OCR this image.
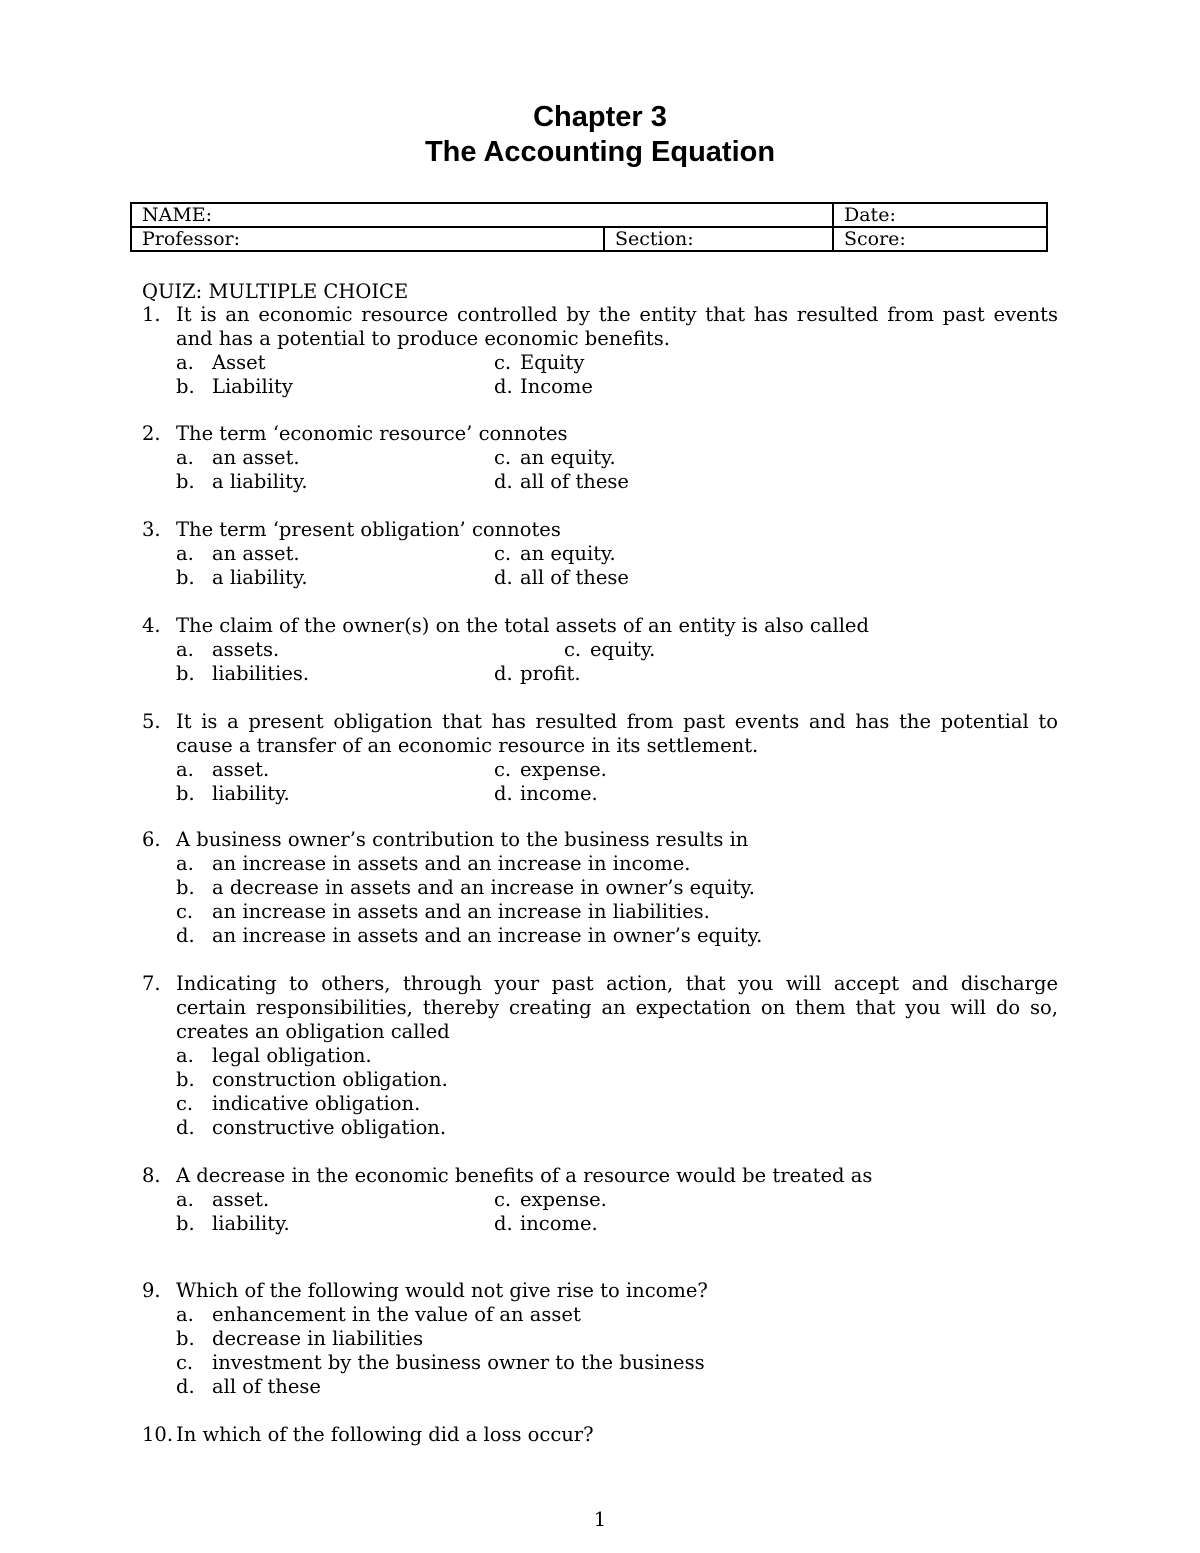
Chapter 3
The Accounting Equation
NAME:		Date:
Professor:	Section:	Score:
QUIZ: MULTIPLE CHOICE
1. It is an economic resource controlled by the entity that has resulted from past events and has a potential to produce economic benefits.
a. Asset	c. Equity
b. Liability	d. Income
2. The term ‘economic resource’ connotes
a. an asset.	c. an equity.
b. a liability.	d. all of these
3. The term ‘present obligation’ connotes
a. an asset.	c. an equity.
b. a liability.	d. all of these
4. The claim of the owner(s) on the total assets of an entity is also called
a. assets.	c. equity.
b. liabilities.	d. profit.
5. It is a present obligation that has resulted from past events and has the potential to cause a transfer of an economic resource in its settlement.
a. asset.	c. expense.
b. liability.	d. income.
6. A business owner’s contribution to the business results in
a. an increase in assets and an increase in income.
b. a decrease in assets and an increase in owner’s equity.
c. an increase in assets and an increase in liabilities.
d. an increase in assets and an increase in owner’s equity.
7. Indicating to others, through your past action, that you will accept and discharge certain responsibilities, thereby creating an expectation on them that you will do so, creates an obligation called
a. legal obligation.
b. construction obligation.
c. indicative obligation.
d. constructive obligation.
8. A decrease in the economic benefits of a resource would be treated as
a. asset.	c. expense.
b. liability.	d. income.
9. Which of the following would not give rise to income?
a. enhancement in the value of an asset
b. decrease in liabilities
c. investment by the business owner to the business
d. all of these
10. In which of the following did a loss occur?
1
